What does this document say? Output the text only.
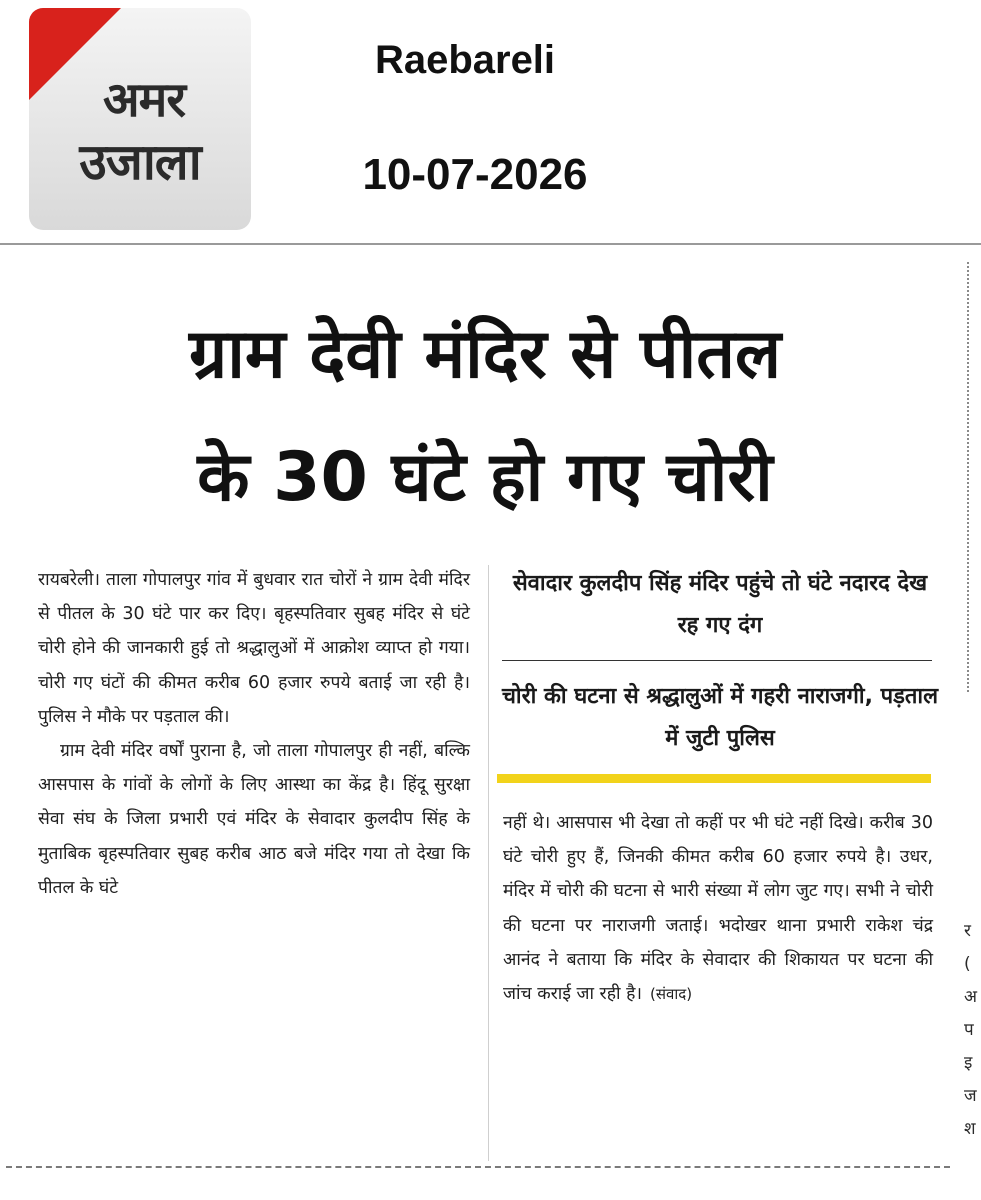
अमर
उजाला
Raebareli
10-07-2026
ग्राम देवी मंदिर से पीतल
के 30 घंटे हो गए चोरी

रायबरेली। ताला गोपालपुर गांव में बुधवार रात चोरों ने ग्राम देवी मंदिर से पीतल के 30 घंटे पार कर दिए। बृहस्पतिवार सुबह मंदिर से घंटे चोरी होने की जानकारी हुई तो श्रद्धालुओं में आक्रोश व्याप्त हो गया। चोरी गए घंटों की कीमत करीब 60 हजार रुपये बताई जा रही है। पुलिस ने मौके पर पड़ताल की।

ग्राम देवी मंदिर वर्षों पुराना है, जो ताला गोपालपुर ही नहीं, बल्कि आसपास के गांवों के लोगों के लिए आस्था का केंद्र है। हिंदू सुरक्षा सेवा संघ के जिला प्रभारी एवं मंदिर के सेवादार कुलदीप सिंह के मुताबिक बृहस्पतिवार सुबह करीब आठ बजे मंदिर गया तो देखा कि पीतल के घंटे

सेवादार कुलदीप सिंह मंदिर पहुंचे तो घंटे नदारद देख रह गए दंग
चोरी की घटना से श्रद्धालुओं में गहरी नाराजगी, पड़ताल में जुटी पुलिस

नहीं थे। आसपास भी देखा तो कहीं पर भी घंटे नहीं दिखे। करीब 30 घंटे चोरी हुए हैं, जिनकी कीमत करीब 60 हजार रुपये है। उधर, मंदिर में चोरी की घटना से भारी संख्या में लोग जुट गए। सभी ने चोरी की घटना पर नाराजगी जताई। भदोखर थाना प्रभारी राकेश चंद्र आनंद ने बताया कि मंदिर के सेवादार की शिकायत पर घटना की जांच कराई जा रही है। (संवाद)

र
(
अ
प
इ
ज
श
